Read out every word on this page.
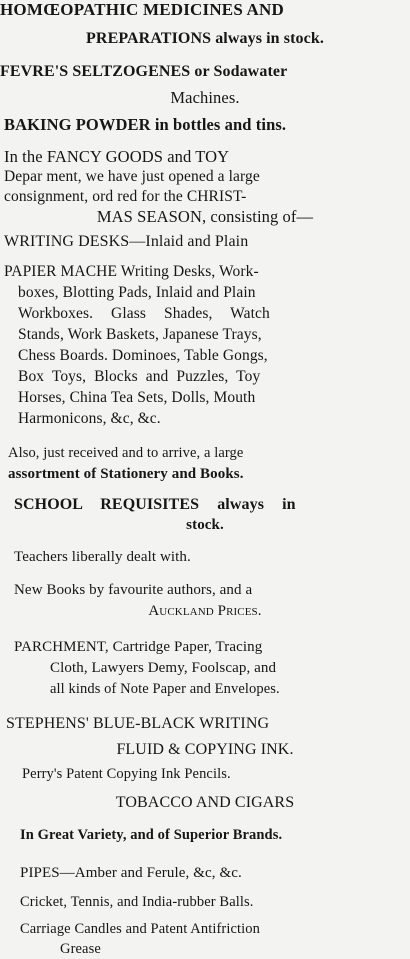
HOMŒOPATHIC MEDICINES AND
PREPARATIONS always in stock.
FEVRE'S SELTZOGENES or Sodawater
Machines.
BAKING POWDER in bottles and tins.
In the FANCY GOODS and TOY
Depar ment, we have just opened a large
consignment, ord red for the CHRIST-
MAS SEASON, consisting of—
WRITING DESKS—Inlaid and Plain
PAPIER MACHE Writing Desks, Work-
boxes, Blotting Pads, Inlaid and Plain
Workboxes. Glass Shades, Watch
Stands, Work Baskets, Japanese Trays,
Chess Boards. Dominoes, Table Gongs,
Box Toys, Blocks and Puzzles, Toy
Horses, China Tea Sets, Dolls, Mouth
Harmonicons, &c, &c.
Also, just received and to arrive, a large
assortment of Stationery and Books.
SCHOOL REQUISITES always in
stock.
Teachers liberally dealt with.
New Books by favourite authors, and a
Auckland Prices.
PARCHMENT, Cartridge Paper, Tracing
Cloth, Lawyers Demy, Foolscap, and
all kinds of Note Paper and Envelopes.
STEPHENS' BLUE-BLACK WRITING
FLUID & COPYING INK.
Perry's Patent Copying Ink Pencils.
TOBACCO AND CIGARS
In Great Variety, and of Superior Brands.
PIPES—Amber and Ferule, &c, &c.
Cricket, Tennis, and India-rubber Balls.
Carriage Candles and Patent Antifriction
Grease
